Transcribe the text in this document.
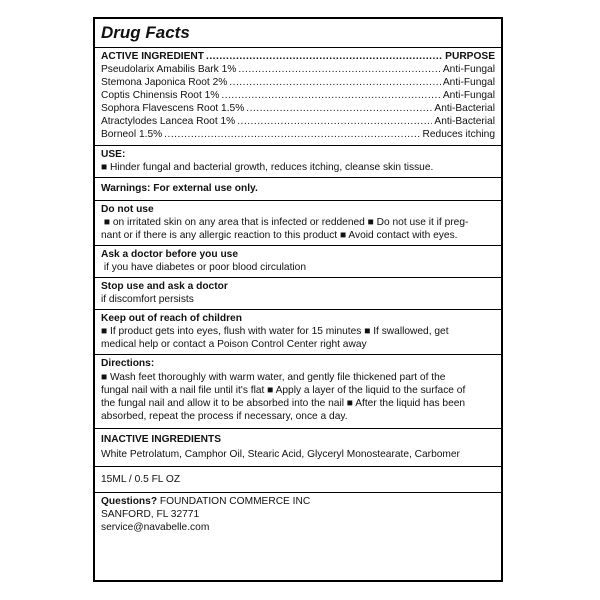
Drug Facts
ACTIVE INGREDIENT .....	PURPOSE
Pseudolarix Amabilis Bark 1% .....	Anti-Fungal
Stemona Japonica Root 2% .....	Anti-Fungal
Coptis Chinensis Root 1% .....	Anti-Fungal
Sophora Flavescens Root 1.5% .....	Anti-Bacterial
Atractylodes Lancea Root 1% .....	Anti-Bacterial
Borneol 1.5% .....	Reduces itching
USE:
■ Hinder fungal and bacterial growth, reduces itching, cleanse skin tissue.
Warnings: For external use only.
Do not use
■ on irritated skin on any area that is infected or reddened ■ Do not use it if preg-
nant or if there is any allergic reaction to this product ■ Avoid contact with eyes.
Ask a doctor before you use
if you have diabetes or poor blood circulation
Stop use and ask a doctor
if discomfort persists
Keep out of reach of children
■ If product gets into eyes, flush with water for 15 minutes ■ If swallowed, get
medical help or contact a Poison Control Center right away
Directions:
■ Wash feet thoroughly with warm water, and gently file thickened part of the
fungal nail with a nail file until it's flat ■ Apply a layer of the liquid to the surface of
the fungal nail and allow it to be absorbed into the nail ■ After the liquid has been
absorbed, repeat the process if necessary, once a day.
INACTIVE INGREDIENTS
White Petrolatum, Camphor Oil, Stearic Acid, Glyceryl Monostearate, Carbomer
15ML / 0.5 FL OZ
Questions? FOUNDATION COMMERCE INC
SANFORD, FL 32771
service@navabelle.com
